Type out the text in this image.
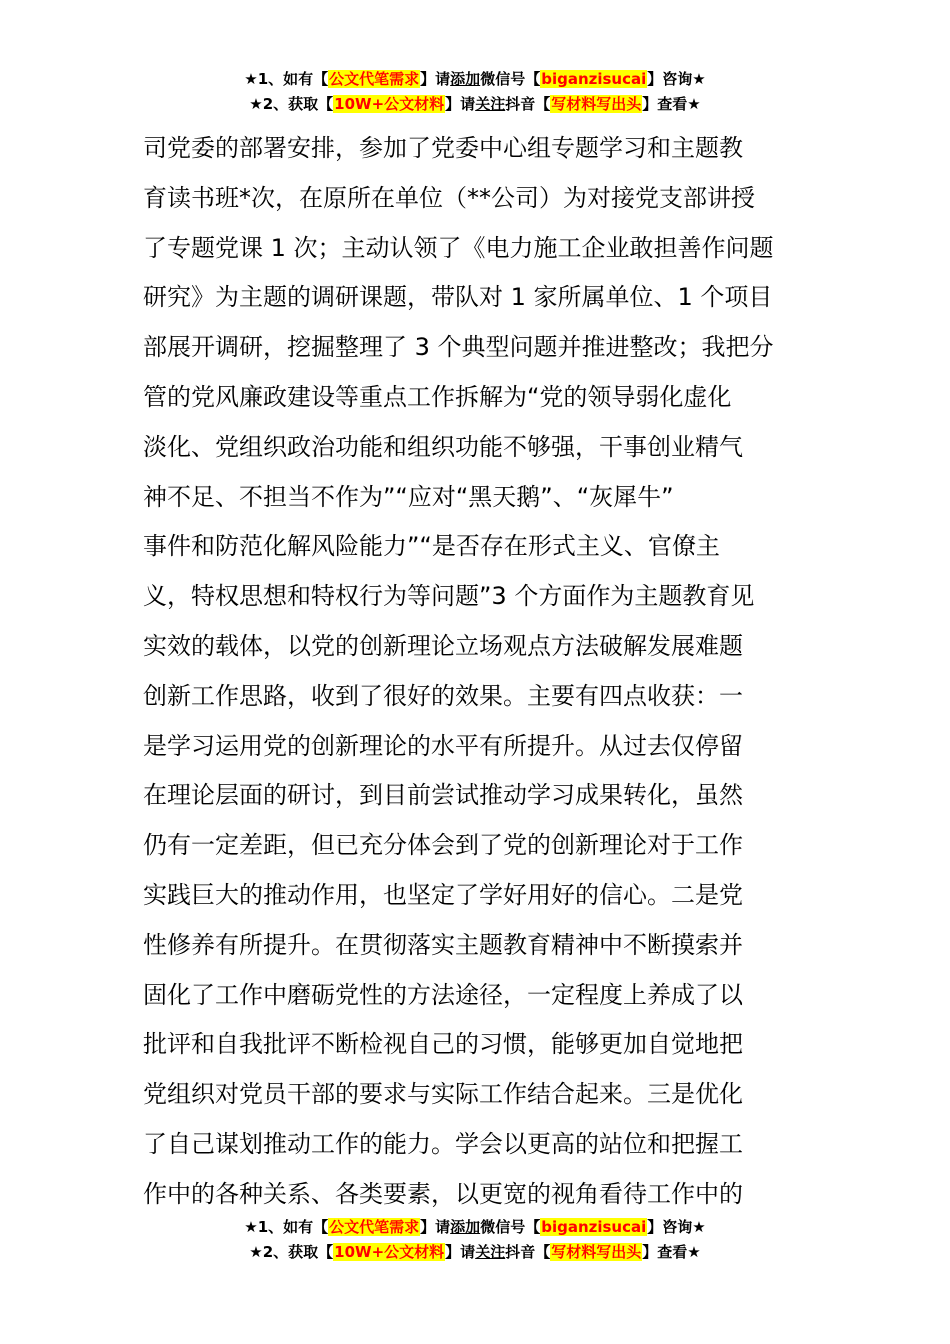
★1、如有【公文代笔需求】请添加微信号【biganzisucai】咨询★
★2、获取【10W+公文材料】请关注抖音【写材料写出头】查看★
司党委的部署安排，参加了党委中心组专题学习和主题教
育读书班*次，在原所在单位（**公司）为对接党支部讲授
了专题党课 1 次；主动认领了《电力施工企业敢担善作问题
研究》为主题的调研课题，带队对 1 家所属单位、1 个项目
部展开调研，挖掘整理了 3 个典型问题并推进整改；我把分
管的党风廉政建设等重点工作拆解为“党的领导弱化虚化
淡化、党组织政治功能和组织功能不够强，干事创业精气
神不足、不担当不作为”“应对“黑天鹅”、“灰犀牛”
事件和防范化解风险能力”“是否存在形式主义、官僚主
义，特权思想和特权行为等问题”3 个方面作为主题教育见
实效的载体，以党的创新理论立场观点方法破解发展难题
创新工作思路，收到了很好的效果。主要有四点收获：一
是学习运用党的创新理论的水平有所提升。从过去仅停留
在理论层面的研讨，到目前尝试推动学习成果转化，虽然
仍有一定差距，但已充分体会到了党的创新理论对于工作
实践巨大的推动作用，也坚定了学好用好的信心。二是党
性修养有所提升。在贯彻落实主题教育精神中不断摸索并
固化了工作中磨砺党性的方法途径，一定程度上养成了以
批评和自我批评不断检视自己的习惯，能够更加自觉地把
党组织对党员干部的要求与实际工作结合起来。三是优化
了自己谋划推动工作的能力。学会以更高的站位和把握工
作中的各种关系、各类要素，以更宽的视角看待工作中的
★1、如有【公文代笔需求】请添加微信号【biganzisucai】咨询★
★2、获取【10W+公文材料】请关注抖音【写材料写出头】查看★
